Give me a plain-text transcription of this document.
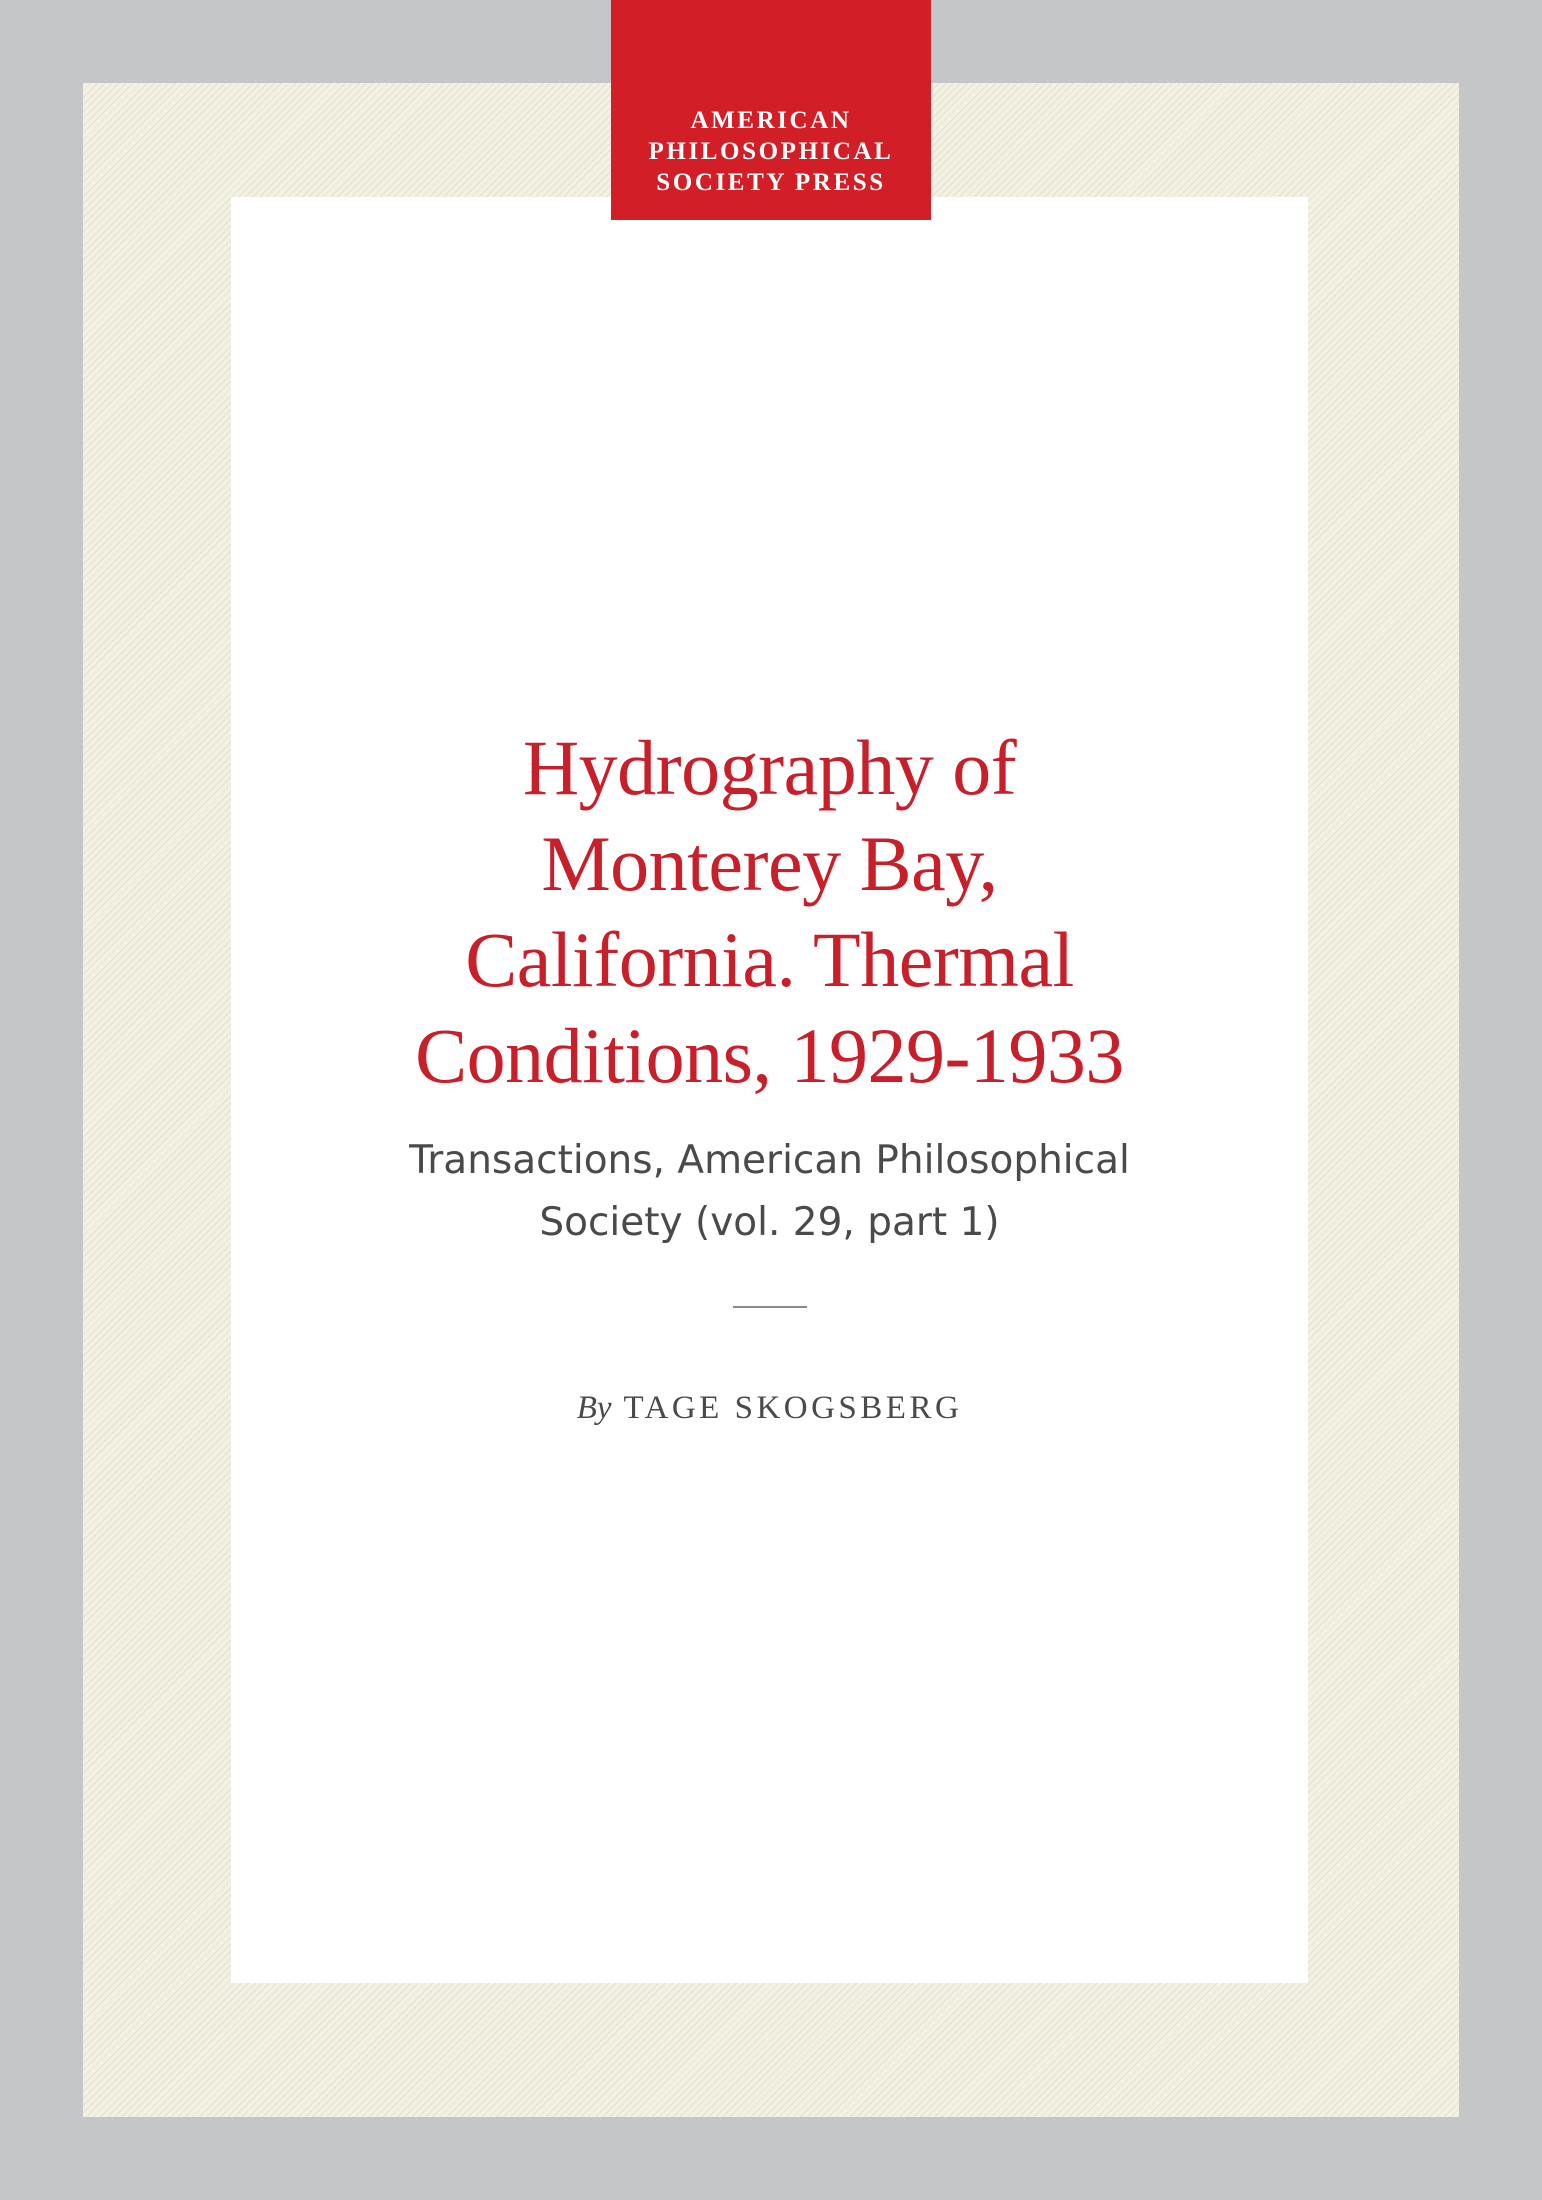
AMERICAN
PHILOSOPHICAL
SOCIETY PRESS
Hydrography of
Monterey Bay,
California. Thermal
Conditions, 1929-1933
Transactions, American Philosophical
Society (vol. 29, part 1)
By TAGE SKOGSBERG
